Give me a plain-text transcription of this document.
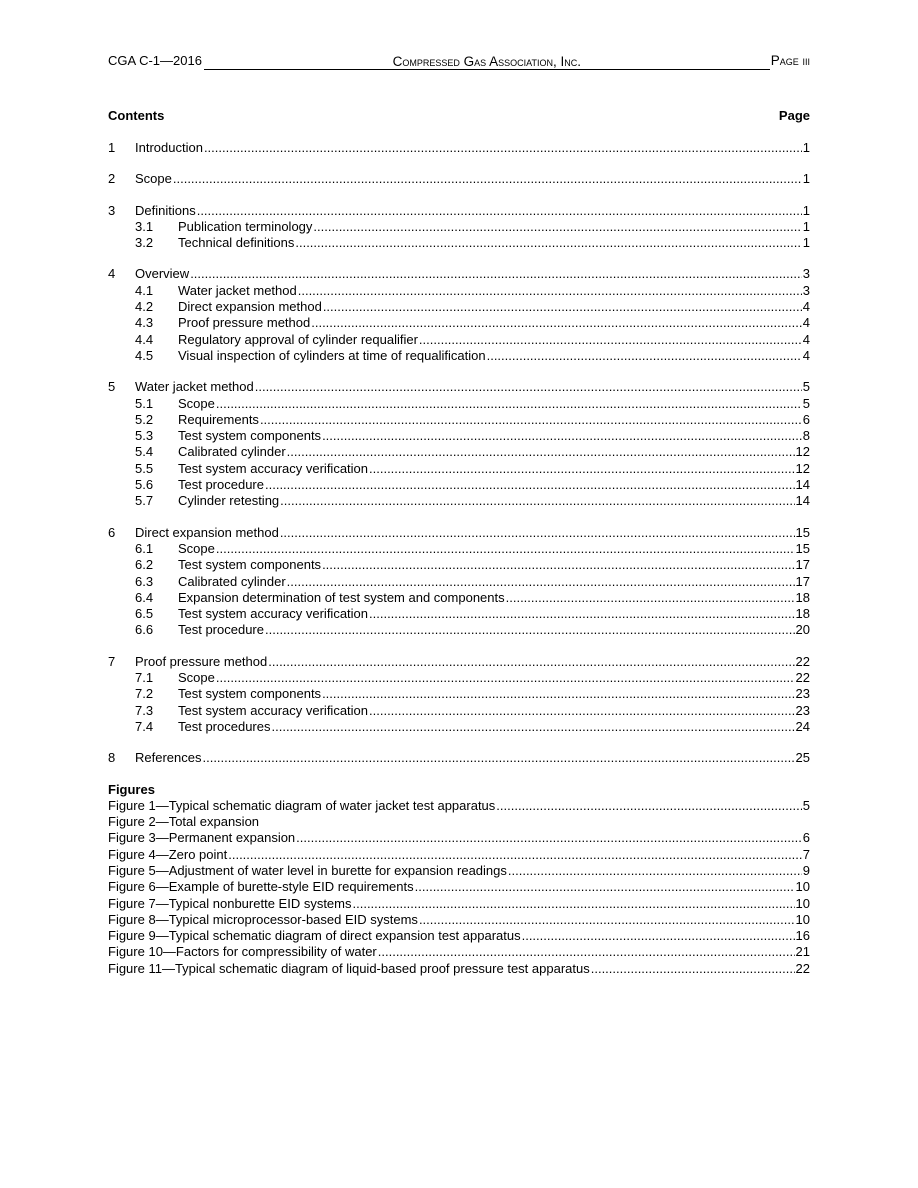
CGA C-1—2016	Compressed Gas Association, Inc.	Page iii
Contents	Page
1	Introduction .....	1
2	Scope .....	1
3	Definitions .....	1
3.1	Publication terminology .....	1
3.2	Technical definitions .....	1
4	Overview .....	3
4.1	Water jacket method .....	3
4.2	Direct expansion method .....	4
4.3	Proof pressure method .....	4
4.4	Regulatory approval of cylinder requalifier .....	4
4.5	Visual inspection of cylinders at time of requalification .....	4
5	Water jacket method .....	5
5.1	Scope .....	5
5.2	Requirements .....	6
5.3	Test system components .....	8
5.4	Calibrated cylinder .....	12
5.5	Test system accuracy verification .....	12
5.6	Test procedure .....	14
5.7	Cylinder retesting .....	14
6	Direct expansion method .....	15
6.1	Scope .....	15
6.2	Test system components .....	17
6.3	Calibrated cylinder .....	17
6.4	Expansion determination of test system and components .....	18
6.5	Test system accuracy verification .....	18
6.6	Test procedure .....	20
7	Proof pressure method .....	22
7.1	Scope .....	22
7.2	Test system components .....	23
7.3	Test system accuracy verification .....	23
7.4	Test procedures .....	24
8	References .....	25
Figures
Figure 1—Typical schematic diagram of water jacket test apparatus .....	5
Figure 2—Total expansion
Figure 3—Permanent expansion .....	6
Figure 4—Zero point .....	7
Figure 5—Adjustment of water level in burette for expansion readings .....	9
Figure 6—Example of burette-style EID requirements .....	10
Figure 7—Typical nonburette EID systems .....	10
Figure 8—Typical microprocessor-based EID systems .....	10
Figure 9—Typical schematic diagram of direct expansion test apparatus .....	16
Figure 10—Factors for compressibility of water .....	21
Figure 11—Typical schematic diagram of liquid-based proof pressure test apparatus .....	22
